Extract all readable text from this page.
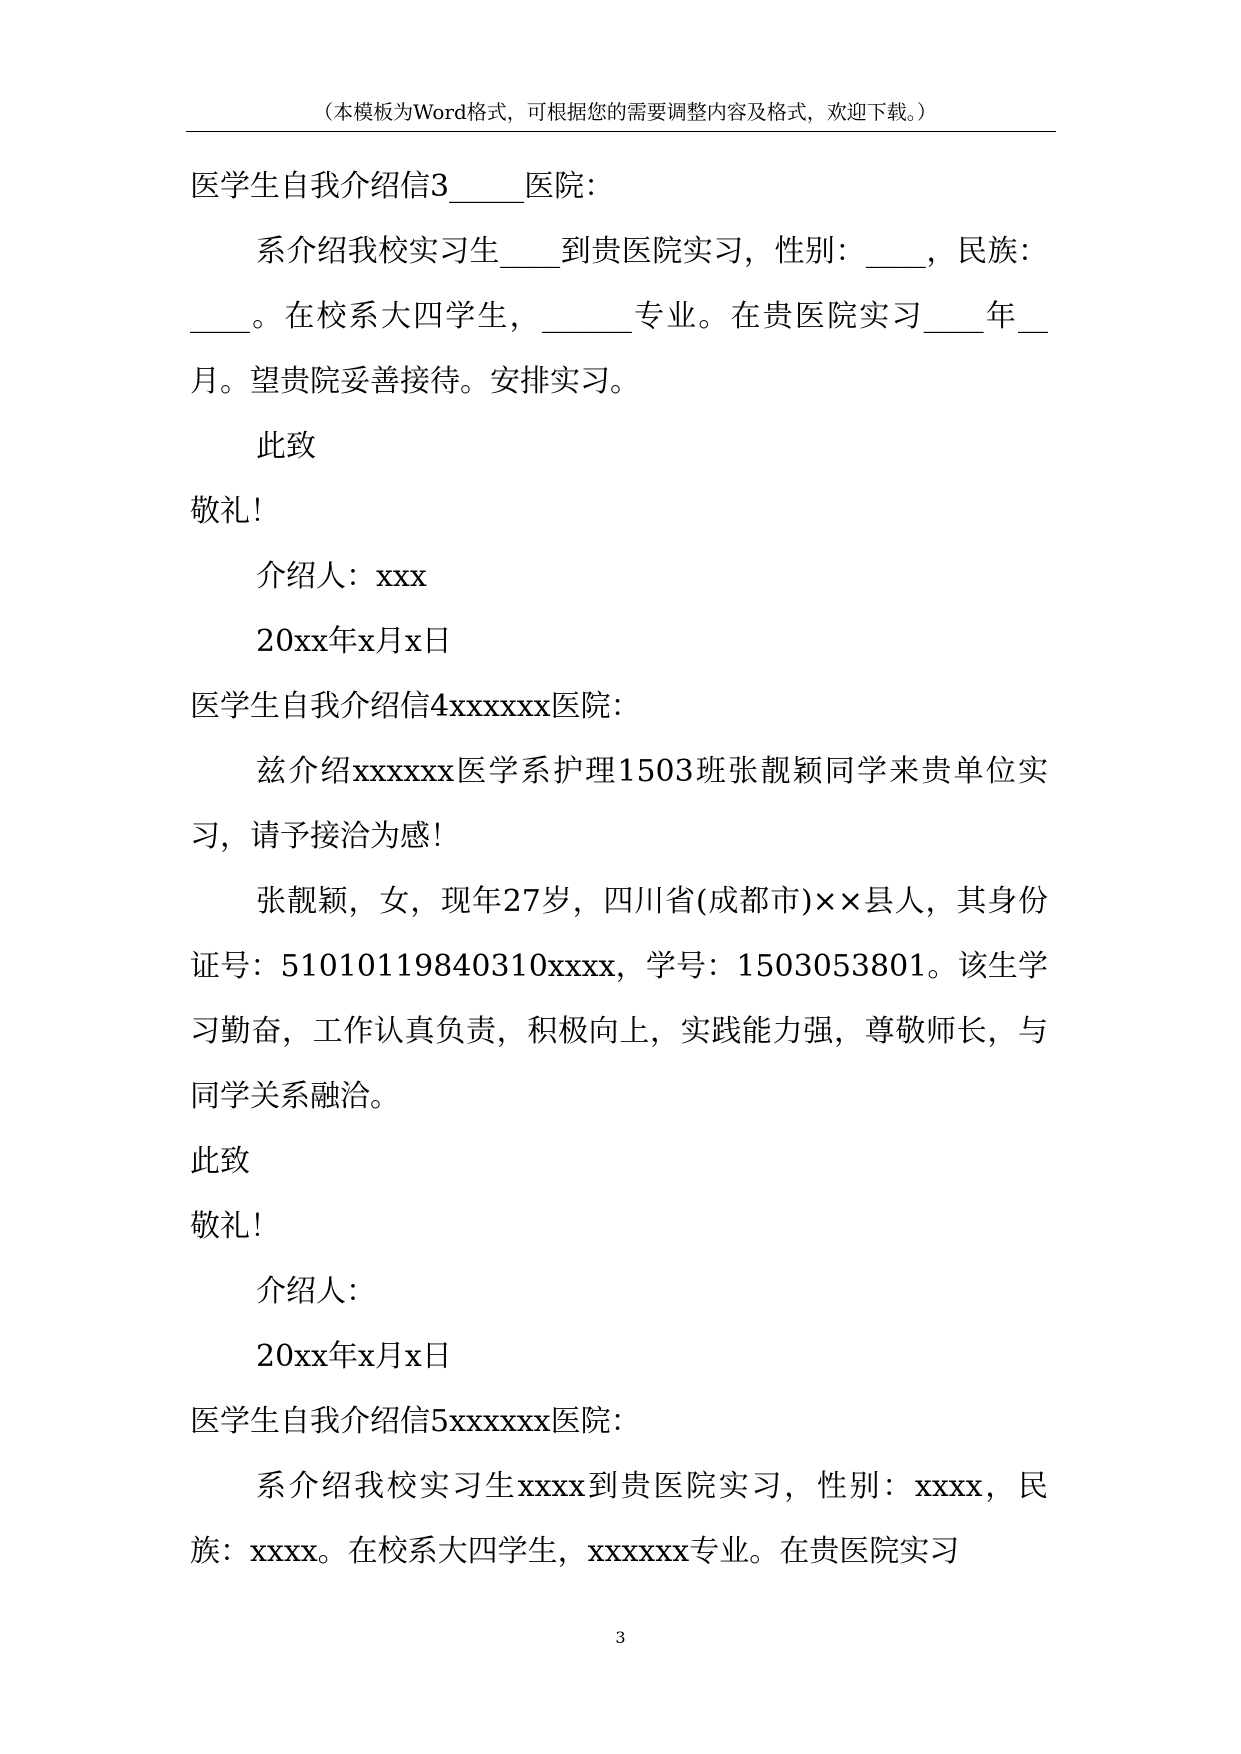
（本模板为Word格式，可根据您的需要调整内容及格式，欢迎下载。）

医学生自我介绍信3_____医院：

系介绍我校实习生____到贵医院实习，性别：____，民族：____。在校系大四学生，______专业。在贵医院实习____年__月。望贵院妥善接待。安排实习。

此致

敬礼！

介绍人：xxx

20xx年x月x日

医学生自我介绍信4xxxxxx医院：

兹介绍xxxxxx医学系护理1503班张靓颖同学来贵单位实习，请予接洽为感！

张靓颖，女，现年27岁，四川省(成都市)××县人，其身份证号：51010119840310xxxx，学号：1503053801。该生学习勤奋，工作认真负责，积极向上，实践能力强，尊敬师长，与同学关系融洽。

此致

敬礼！

介绍人：

20xx年x月x日

医学生自我介绍信5xxxxxx医院：

系介绍我校实习生xxxx到贵医院实习，性别：xxxx，民族：xxxx。在校系大四学生，xxxxxx专业。在贵医院实习

3
